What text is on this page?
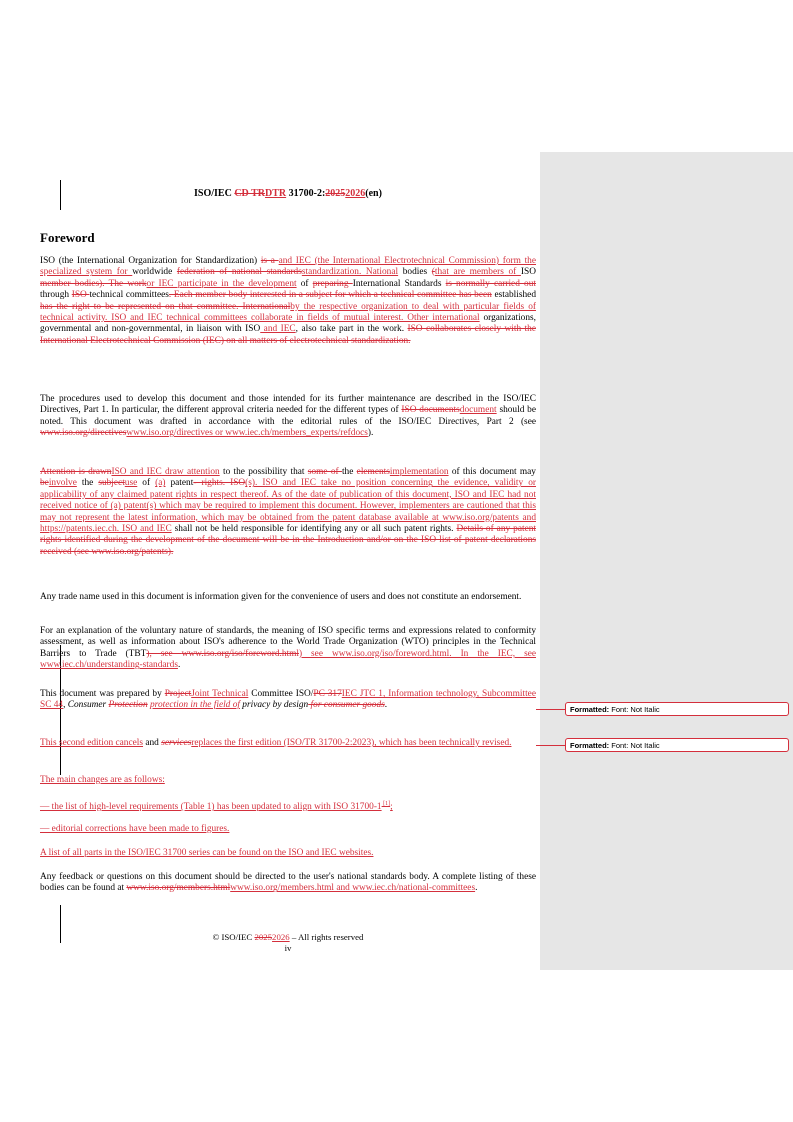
ISO/IEC CD TRDTR 31700-2:20252026(en)
Foreword

ISO (the International Organization for Standardization) is a and IEC (the International Electrotechnical Commission) form the specialized system for worldwide federation of national standardsstandardization. National bodies (that are members of ISO member bodies). The workor IEC participate in the development of preparing International Standards is normally carried out through ISO technical committees. Each member body interested in a subject for which a technical committee has been established has the right to be represented on that committee. Internationalby the respective organization to deal with particular fields of technical activity. ISO and IEC technical committees collaborate in fields of mutual interest. Other international organizations, governmental and non-governmental, in liaison with ISO and IEC, also take part in the work. ISO collaborates closely with the International Electrotechnical Commission (IEC) on all matters of electrotechnical standardization.

The procedures used to develop this document and those intended for its further maintenance are described in the ISO/IEC Directives, Part 1. In particular, the different approval criteria needed for the different types of ISO documentsdocument should be noted. This document was drafted in accordance with the editorial rules of the ISO/IEC Directives, Part 2 (see www.iso.org/directiveswww.iso.org/directives or www.iec.ch/members_experts/refdocs).

Attention is drawnISO and IEC draw attention to the possibility that some of the elementsimplementation of this document may beinvolve the subjectuse of (a) patent- rights. ISO(s). ISO and IEC take no position concerning the evidence, validity or applicability of any claimed patent rights in respect thereof. As of the date of publication of this document, ISO and IEC had not received notice of (a) patent(s) which may be required to implement this document. However, implementers are cautioned that this may not represent the latest information, which may be obtained from the patent database available at www.iso.org/patents and https://patents.iec.ch. ISO and IEC shall not be held responsible for identifying any or all such patent rights. Details of any patent rights identified during the development of the document will be in the Introduction and/or on the ISO list of patent declarations received (see www.iso.org/patents).

Any trade name used in this document is information given for the convenience of users and does not constitute an endorsement.

For an explanation of the voluntary nature of standards, the meaning of ISO specific terms and expressions related to conformity assessment, as well as information about ISO's adherence to the World Trade Organization (WTO) principles in the Technical Barriers to Trade (TBT), see www.iso.org/iso/foreword.html) see www.iso.org/iso/foreword.html. In the IEC, see www.iec.ch/understanding-standards.

This document was prepared by ProjectJoint Technical Committee ISO/PC 317IEC JTC 1, Information technology, Subcommittee SC 44, Consumer Protection protection in the field of privacy by design for consumer goods.

This second edition cancels and servicesreplaces the first edition (ISO/TR 31700-2:2023), which has been technically revised.

The main changes are as follows:

— the list of high-level requirements (Table 1) has been updated to align with ISO 31700-1 [1];

— editorial corrections have been made to figures.

A list of all parts in the ISO/IEC 31700 series can be found on the ISO and IEC websites.

Any feedback or questions on this document should be directed to the user's national standards body. A complete listing of these bodies can be found at www.iso.org/members.htmlwww.iso.org/members.html and www.iec.ch/national-committees.

© ISO/IEC 20252026 – All rights reserved
iv
Formatted: Font: Not Italic
Formatted: Font: Not Italic
